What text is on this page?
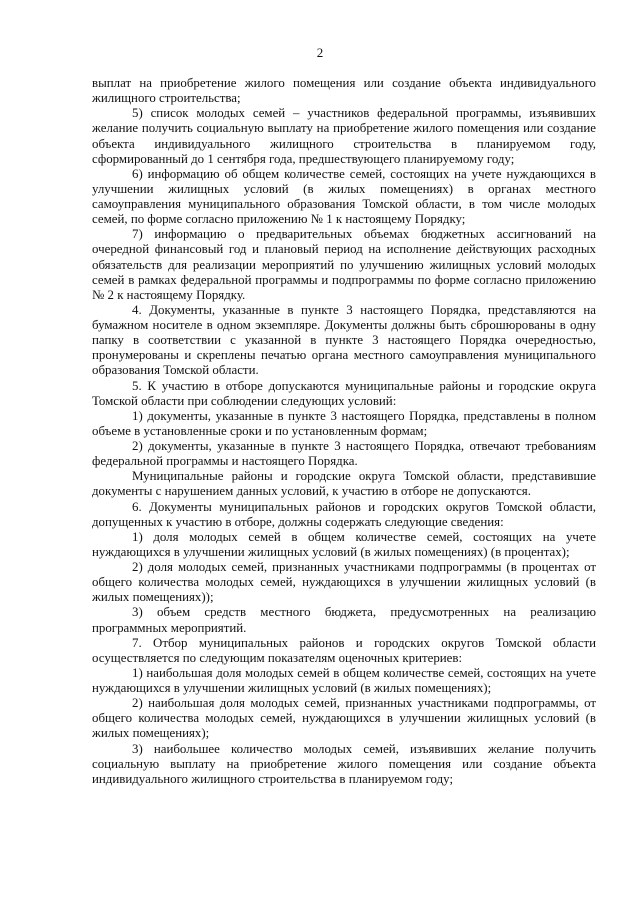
2

выплат на приобретение жилого помещения или создание объекта индивидуального жилищного строительства;

5) список молодых семей – участников федеральной программы, изъявивших желание получить социальную выплату на приобретение жилого помещения или создание объекта индивидуального жилищного строительства в планируемом году, сформированный до 1 сентября года, предшествующего планируемому году;

6) информацию об общем количестве семей, состоящих на учете нуждающихся в улучшении жилищных условий (в жилых помещениях) в органах местного самоуправления муниципального образования Томской области, в том числе молодых семей, по форме согласно приложению № 1 к настоящему Порядку;

7) информацию о предварительных объемах бюджетных ассигнований на очередной финансовый год и плановый период на исполнение действующих расходных обязательств для реализации мероприятий по улучшению жилищных условий молодых семей в рамках федеральной программы и подпрограммы по форме согласно приложению № 2 к настоящему Порядку.

4. Документы, указанные в пункте 3 настоящего Порядка, представляются на бумажном носителе в одном экземпляре. Документы должны быть сброшюрованы в одну папку в соответствии с указанной в пункте 3 настоящего Порядка очередностью, пронумерованы и скреплены печатью органа местного самоуправления муниципального образования Томской области.

5. К участию в отборе допускаются муниципальные районы и городские округа Томской области при соблюдении следующих условий:

1) документы, указанные в пункте 3 настоящего Порядка, представлены в полном объеме в установленные сроки и по установленным формам;

2) документы, указанные в пункте 3 настоящего Порядка, отвечают требованиям федеральной программы и настоящего Порядка.

Муниципальные районы и городские округа Томской области, представившие документы с нарушением данных условий, к участию в отборе не допускаются.

6. Документы муниципальных районов и городских округов Томской области, допущенных к участию в отборе, должны содержать следующие сведения:

1) доля молодых семей в общем количестве семей, состоящих на учете нуждающихся в улучшении жилищных условий (в жилых помещениях) (в процентах);

2) доля молодых семей, признанных участниками подпрограммы (в процентах от общего количества молодых семей, нуждающихся в улучшении жилищных условий (в жилых помещениях));

3) объем средств местного бюджета, предусмотренных на реализацию программных мероприятий.

7. Отбор муниципальных районов и городских округов Томской области осуществляется по следующим показателям оценочных критериев:

1) наибольшая доля молодых семей в общем количестве семей, состоящих на учете нуждающихся в улучшении жилищных условий (в жилых помещениях);

2) наибольшая доля молодых семей, признанных участниками подпрограммы, от общего количества молодых семей, нуждающихся в улучшении жилищных условий (в жилых помещениях);

3) наибольшее количество молодых семей, изъявивших желание получить социальную выплату на приобретение жилого помещения или создание объекта индивидуального жилищного строительства в планируемом году;
